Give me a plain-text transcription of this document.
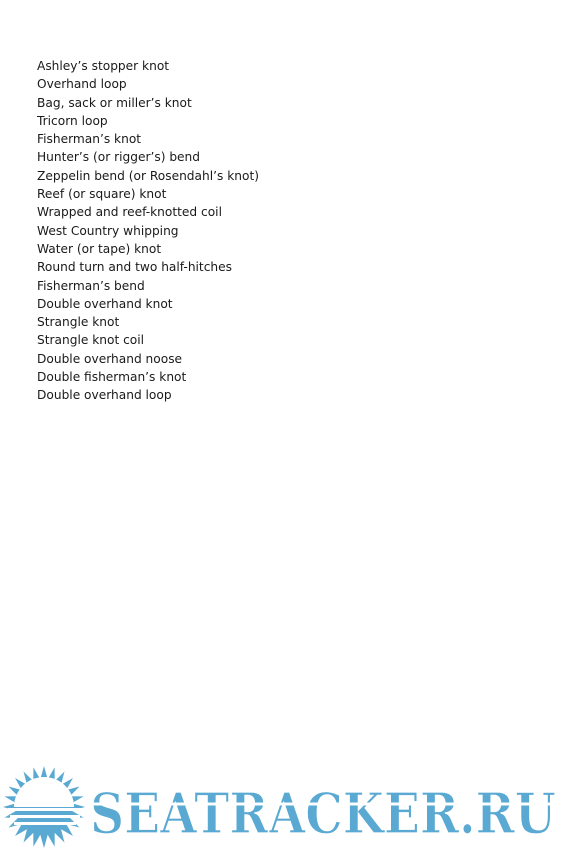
Ashley’s stopper knot
Overhand loop
Bag, sack or miller’s knot
Tricorn loop
Fisherman’s knot
Hunter’s (or rigger’s) bend
Zeppelin bend (or Rosendahl’s knot)
Reef (or square) knot
Wrapped and reef-knotted coil
West Country whipping
Water (or tape) knot
Round turn and two half-hitches
Fisherman’s bend
Double overhand knot
Strangle knot
Strangle knot coil
Double overhand noose
Double fisherman’s knot
Double overhand loop
SEATRACKER.RU
